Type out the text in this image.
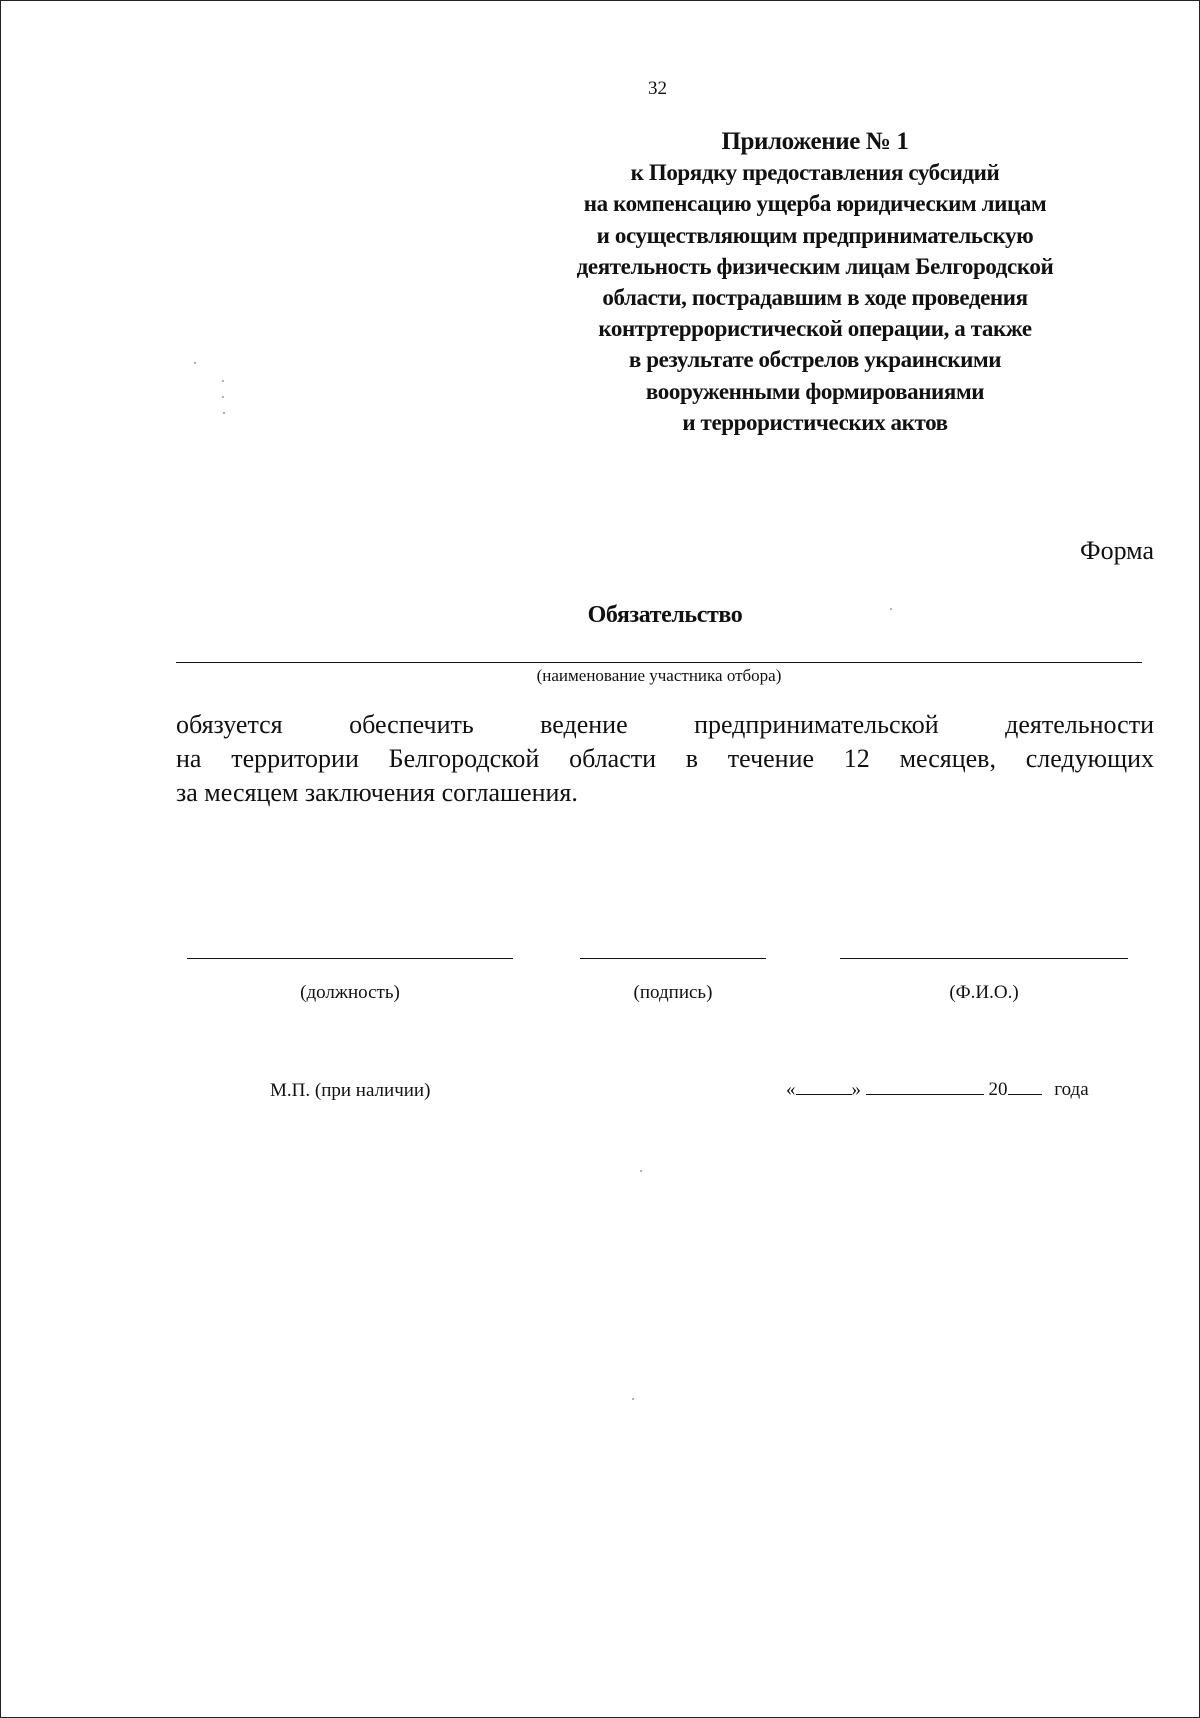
32
Приложение № 1
к Порядку предоставления субсидий
на компенсацию ущерба юридическим лицам
и осуществляющим предпринимательскую
деятельность физическим лицам Белгородской
области, пострадавшим в ходе проведения
контртеррористической операции, а также
в результате обстрелов украинскими
вооруженными формированиями
и террористических актов
Форма
Обязательство
(наименование участника отбора)
обязуется обеспечить ведение предпринимательской деятельности
на территории Белгородской области в течение 12 месяцев, следующих
за месяцем заключения соглашения.
(должность)	(подпись)	(Ф.И.О.)
М.П. (при наличии)	«	»	20 года
